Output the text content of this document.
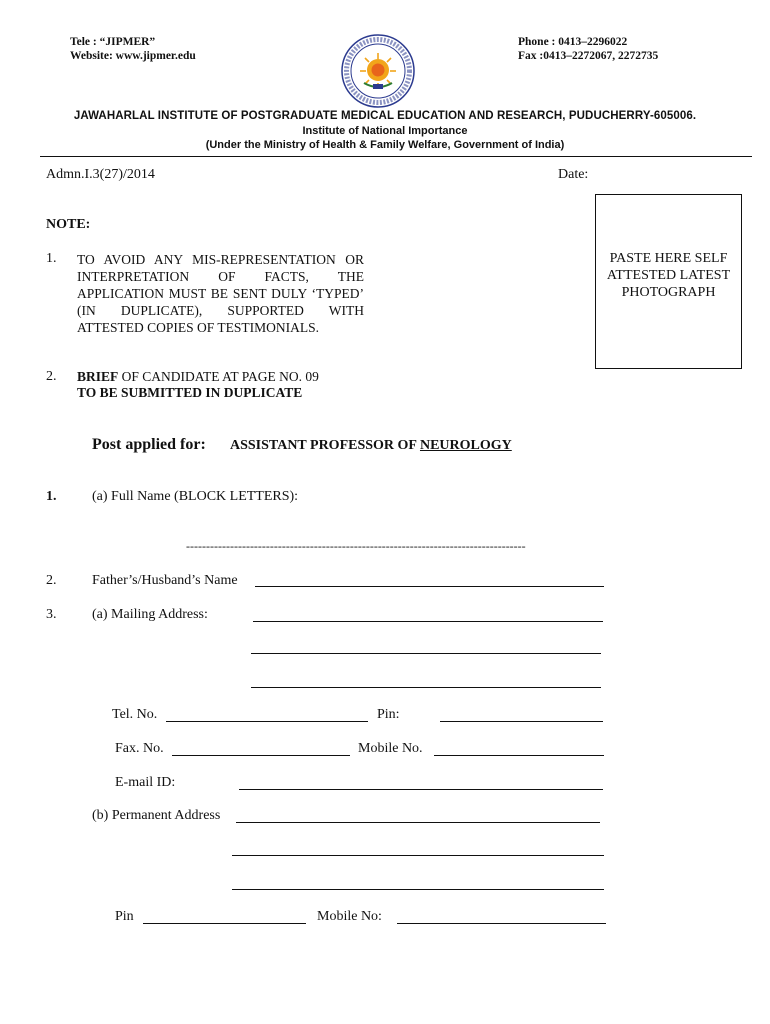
Tele : “JIPMER”
Website: www.jipmer.edu
Phone : 0413–2296022
Fax :0413–2272067, 2272735
JAWAHARLAL INSTITUTE OF POSTGRADUATE MEDICAL EDUCATION AND RESEARCH, PUDUCHERRY-605006.
Institute of National Importance
(Under the Ministry of Health & Family Welfare, Government of India)
Admn.I.3(27)/2014	Date:
PASTE HERE SELF ATTESTED LATEST PHOTOGRAPH
NOTE:
1. TO AVOID ANY MIS-REPRESENTATION OR INTERPRETATION OF FACTS, THE APPLICATION MUST BE SENT DULY ‘TYPED’ (IN DUPLICATE), SUPPORTED WITH ATTESTED COPIES OF TESTIMONIALS.
2. BRIEF OF CANDIDATE AT PAGE NO. 09
TO BE SUBMITTED IN DUPLICATE
Post applied for: ASSISTANT PROFESSOR OF NEUROLOGY
1.	(a) Full Name (BLOCK LETTERS):
-------------------------------------------------------------------------------------
2.	Father’s/Husband’s Name
3.	(a) Mailing Address:
Tel. No.	Pin:
Fax. No.	Mobile No.
E-mail ID:
(b) Permanent Address
Pin	Mobile No:
